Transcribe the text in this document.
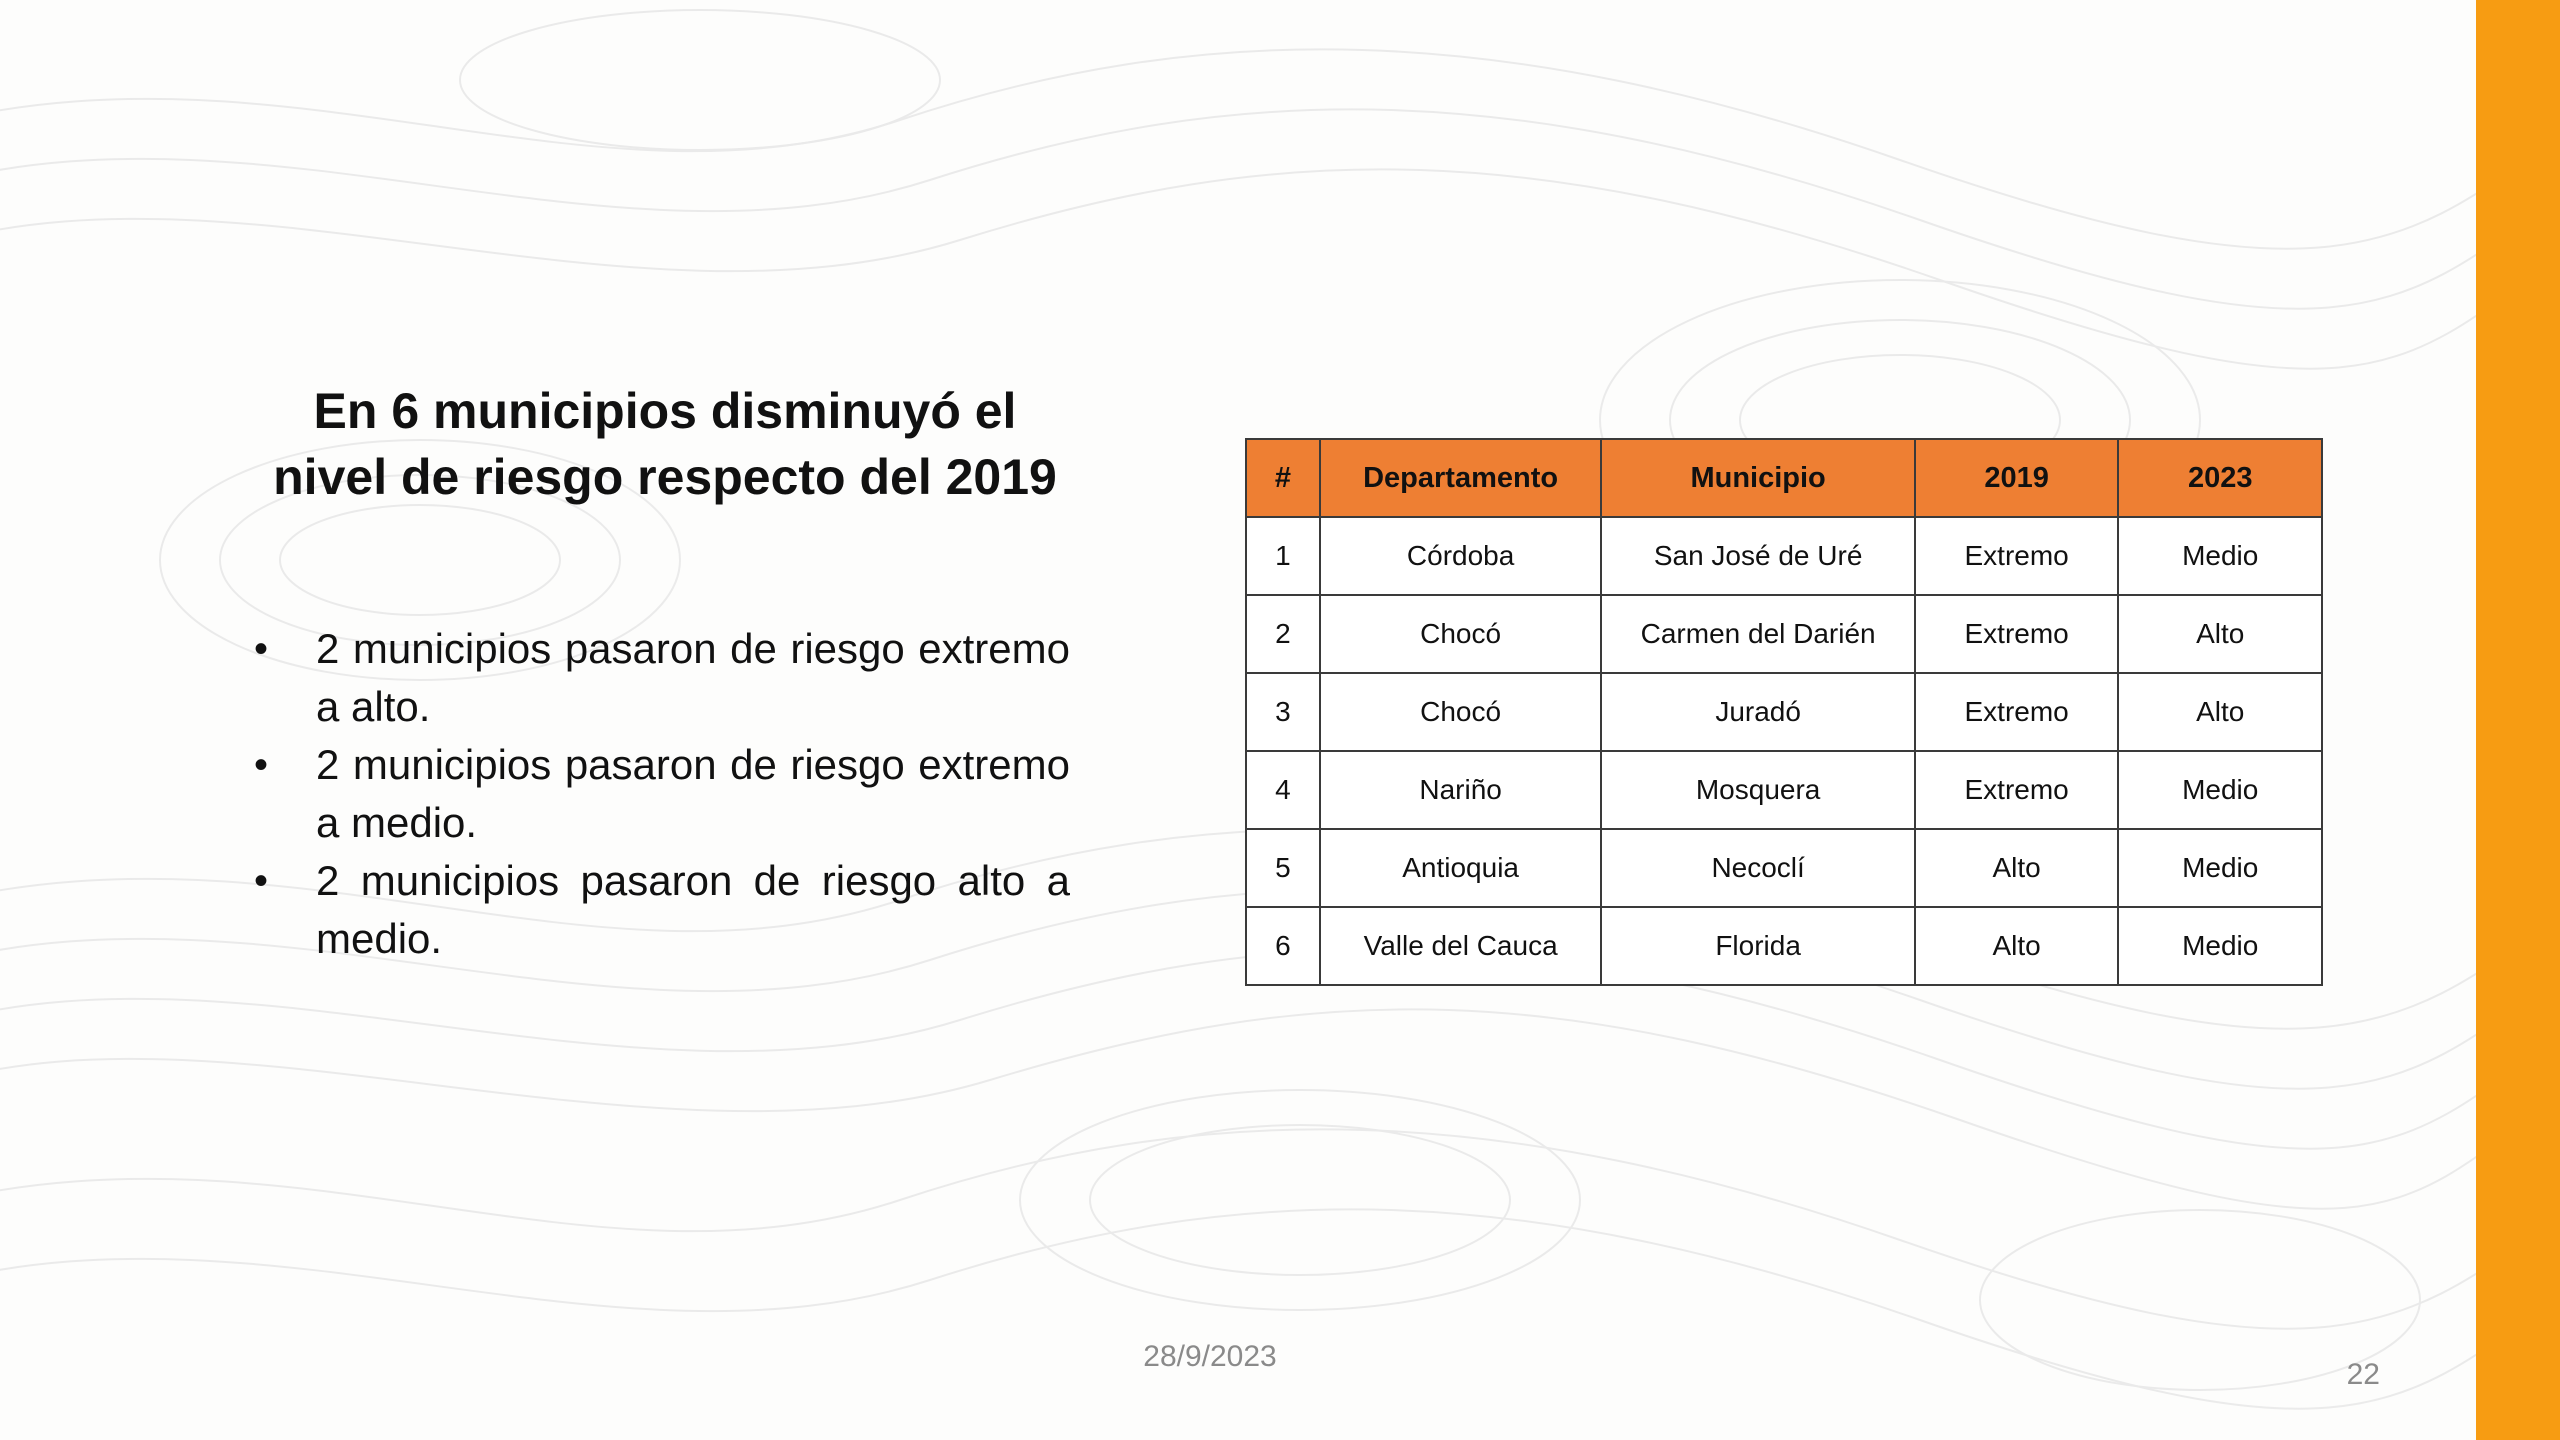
En 6 municipios disminuyó el
nivel de riesgo respecto del 2019
• 2 municipios pasaron de riesgo extremo a alto.
• 2 municipios pasaron de riesgo extremo a medio.
• 2 municipios pasaron de riesgo alto a medio.
#	Departamento	Municipio	2019	2023
1	Córdoba	San José de Uré	Extremo	Medio
2	Chocó	Carmen del Darién	Extremo	Alto
3	Chocó	Juradó	Extremo	Alto
4	Nariño	Mosquera	Extremo	Medio
5	Antioquia	Necoclí	Alto	Medio
6	Valle del Cauca	Florida	Alto	Medio
28/9/2023
22
